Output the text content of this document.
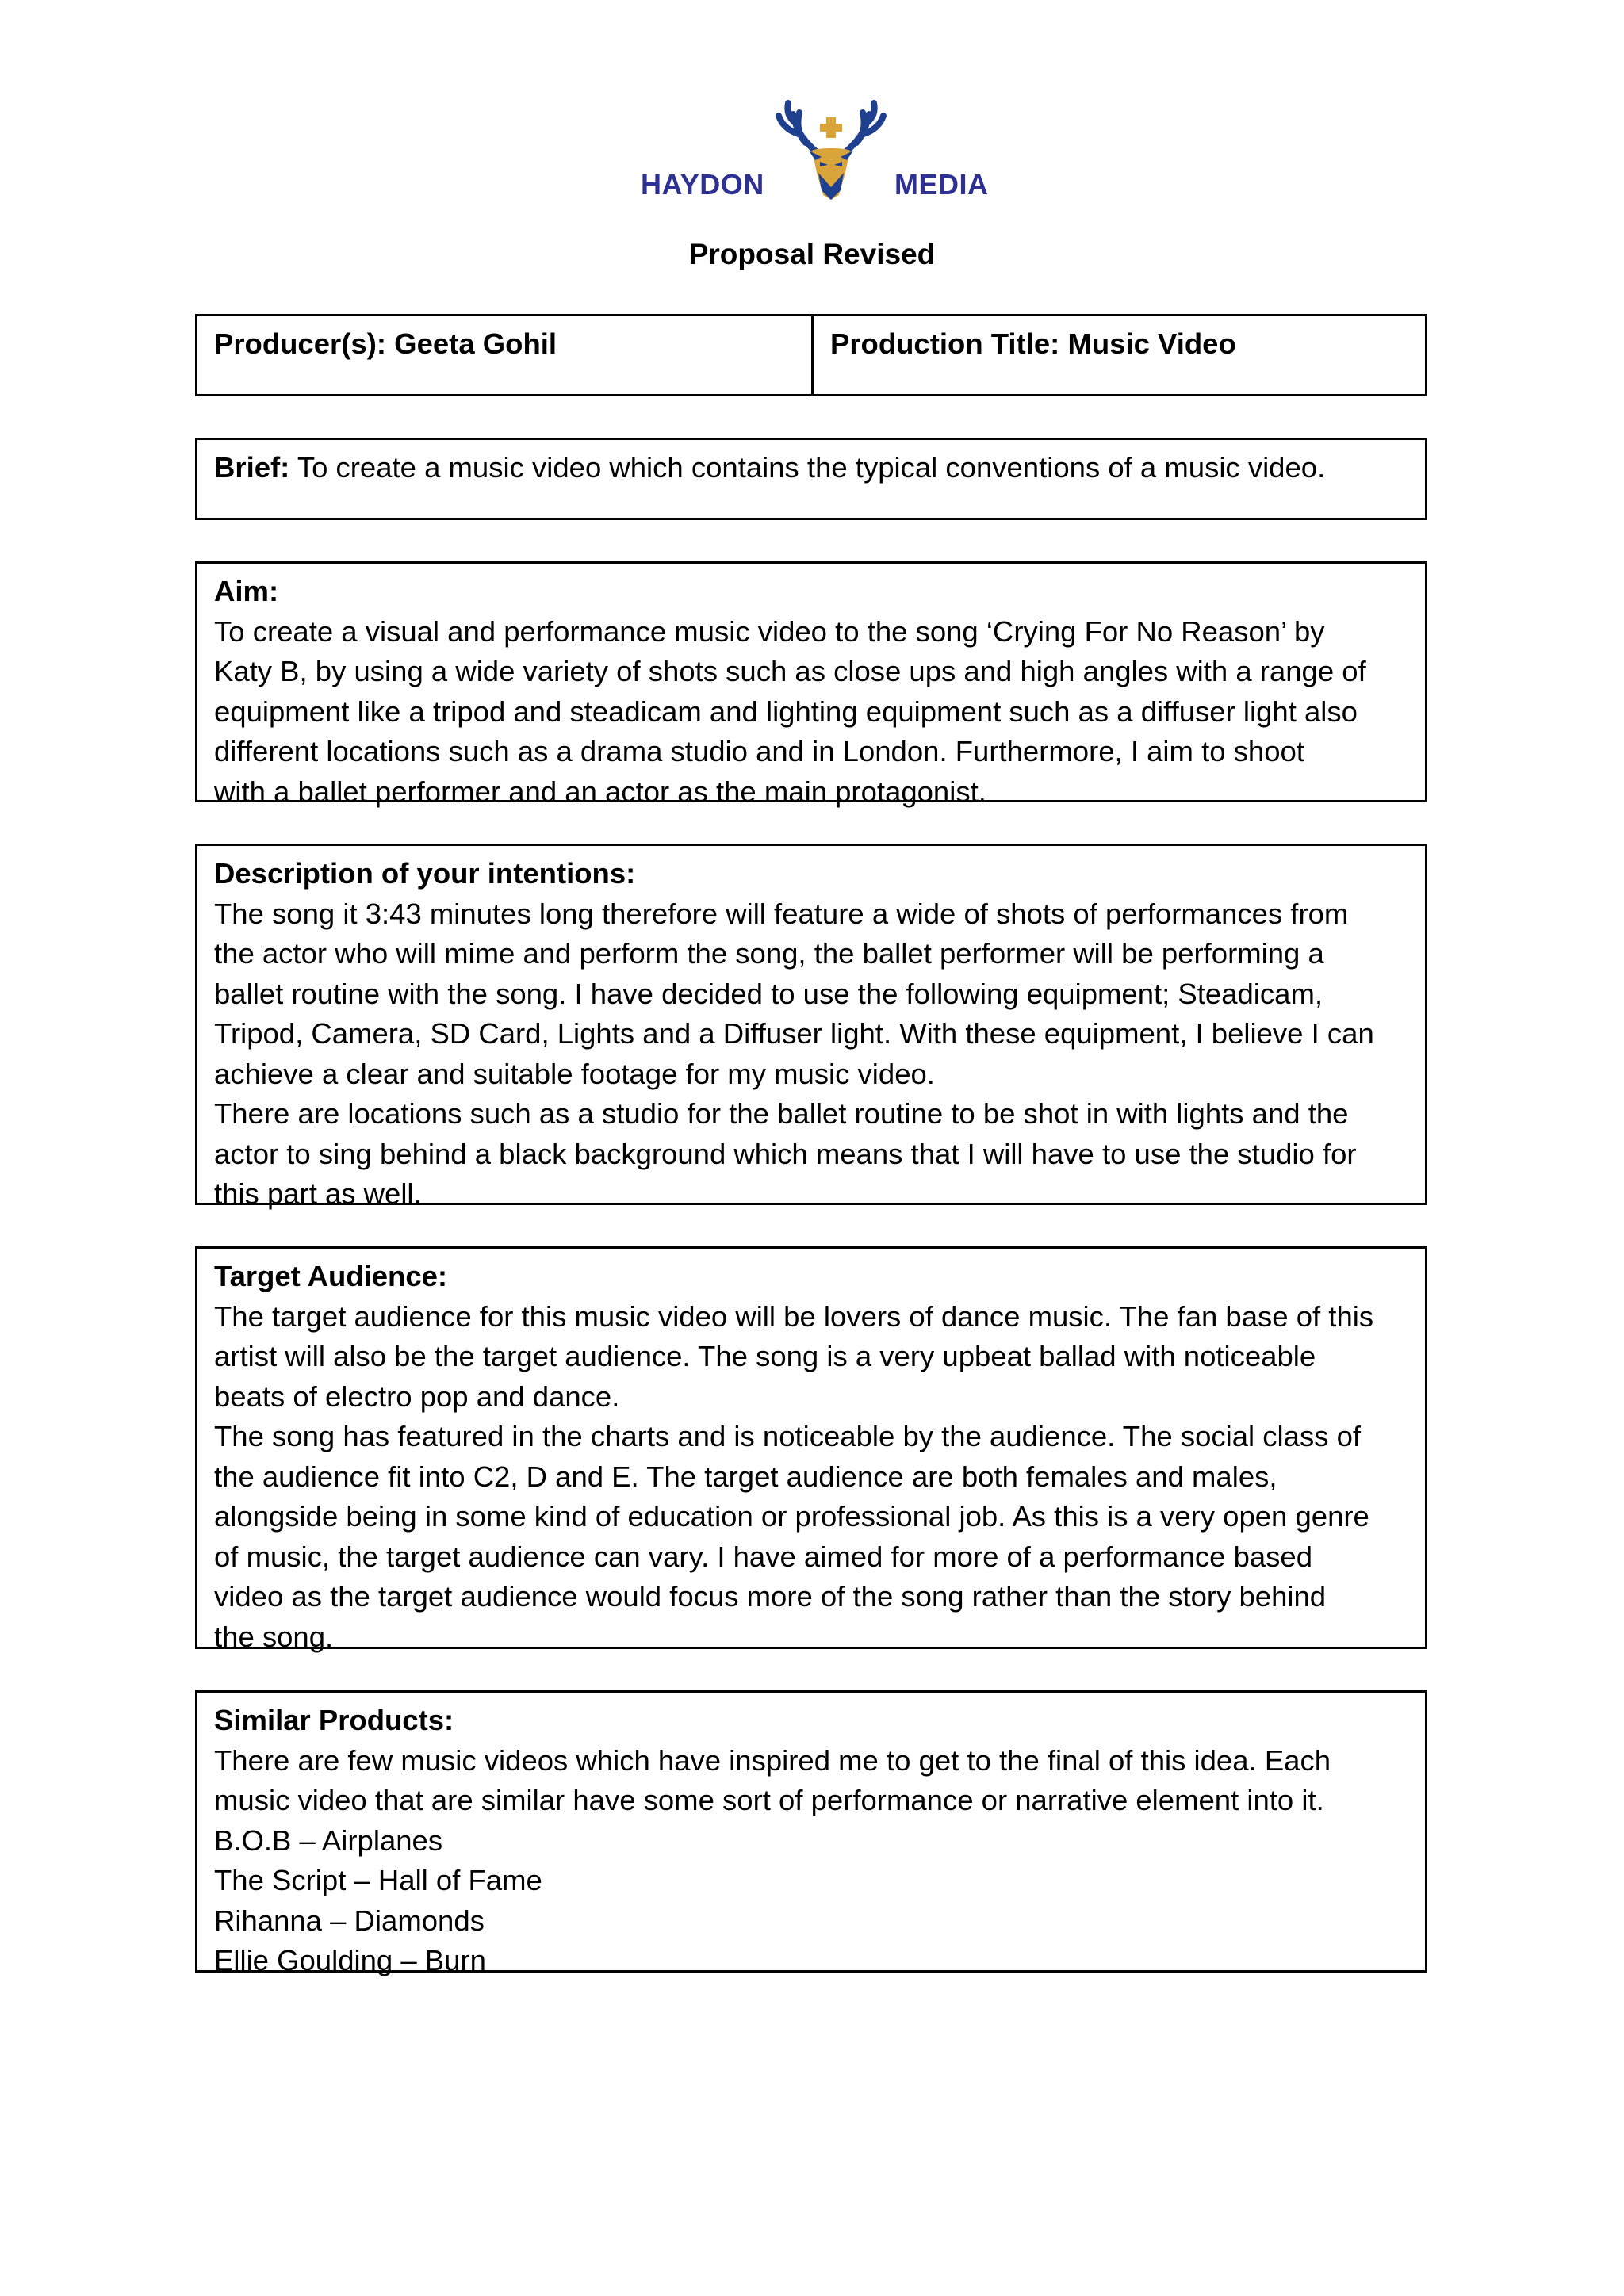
HAYDON	MEDIA
Proposal Revised
Producer(s): Geeta Gohil	Production Title: Music Video
Brief: To create a music video which contains the typical conventions of a music video.
Aim:
To create a visual and performance music video to the song ‘Crying For No Reason’ by
Katy B, by using a wide variety of shots such as close ups and high angles with a range of
equipment like a tripod and steadicam and lighting equipment such as a diffuser light also
different locations such as a drama studio and in London. Furthermore, I aim to shoot
with a ballet performer and an actor as the main protagonist.
Description of your intentions:
The song it 3:43 minutes long therefore will feature a wide of shots of performances from
the actor who will mime and perform the song, the ballet performer will be performing a
ballet routine with the song. I have decided to use the following equipment; Steadicam,
Tripod, Camera, SD Card, Lights and a Diffuser light. With these equipment, I believe I can
achieve a clear and suitable footage for my music video.
There are locations such as a studio for the ballet routine to be shot in with lights and the
actor to sing behind a black background which means that I will have to use the studio for
this part as well.
Target Audience:
The target audience for this music video will be lovers of dance music. The fan base of this
artist will also be the target audience. The song is a very upbeat ballad with noticeable
beats of electro pop and dance.
The song has featured in the charts and is noticeable by the audience. The social class of
the audience fit into C2, D and E. The target audience are both females and males,
alongside being in some kind of education or professional job. As this is a very open genre
of music, the target audience can vary. I have aimed for more of a performance based
video as the target audience would focus more of the song rather than the story behind
the song.
Similar Products:
There are few music videos which have inspired me to get to the final of this idea. Each
music video that are similar have some sort of performance or narrative element into it.
B.O.B – Airplanes
The Script – Hall of Fame
Rihanna – Diamonds
Ellie Goulding – Burn
